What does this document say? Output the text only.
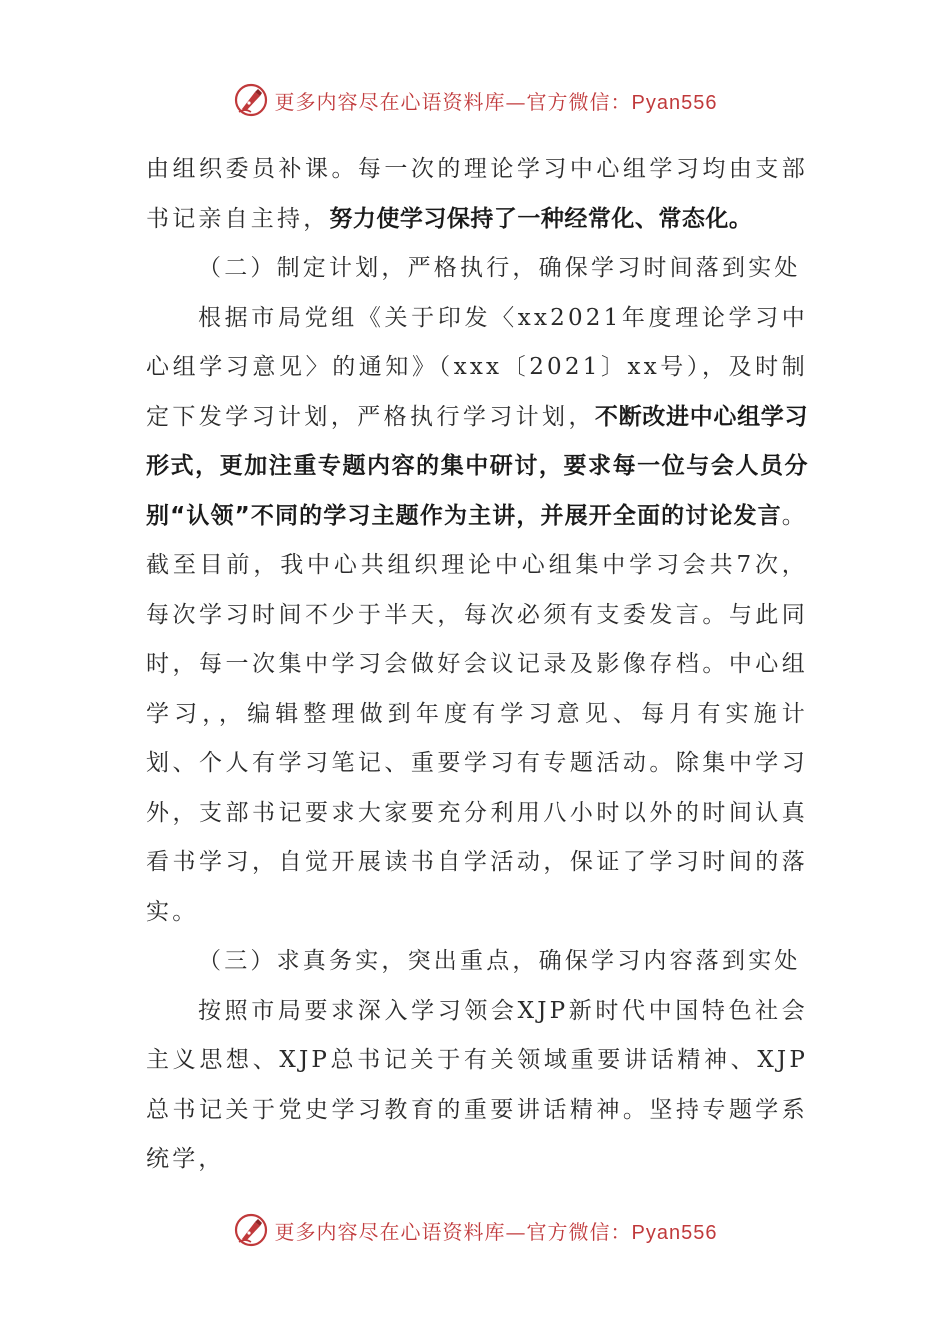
更多内容尽在心语资料库—官方微信：Pyan556

由组织委员补课。每一次的理论学习中心组学习均由支部书记亲自主持，努力使学习保持了一种经常化、常态化。

（二）制定计划，严格执行，确保学习时间落到实处

根据市局党组《关于印发〈xx2021年度理论学习中心组学习意见〉的通知》（xxx〔2021〕xx号），及时制定下发学习计划，严格执行学习计划，不断改进中心组学习形式，更加注重专题内容的集中研讨，要求每一位与会人员分别“认领”不同的学习主题作为主讲，并展开全面的讨论发言。截至目前，我中心共组织理论中心组集中学习会共7次，每次学习时间不少于半天，每次必须有支委发言。与此同时，每一次集中学习会做好会议记录及影像存档。中心组学习，，编辑整理做到年度有学习意见、每月有实施计划、个人有学习笔记、重要学习有专题活动。除集中学习外，支部书记要求大家要充分利用八小时以外的时间认真看书学习，自觉开展读书自学活动，保证了学习时间的落实。

（三）求真务实，突出重点，确保学习内容落到实处

按照市局要求深入学习领会XJP新时代中国特色社会主义思想、XJP总书记关于有关领域重要讲话精神、XJP总书记关于党史学习教育的重要讲话精神。坚持专题学系统学，

更多内容尽在心语资料库—官方微信：Pyan556
